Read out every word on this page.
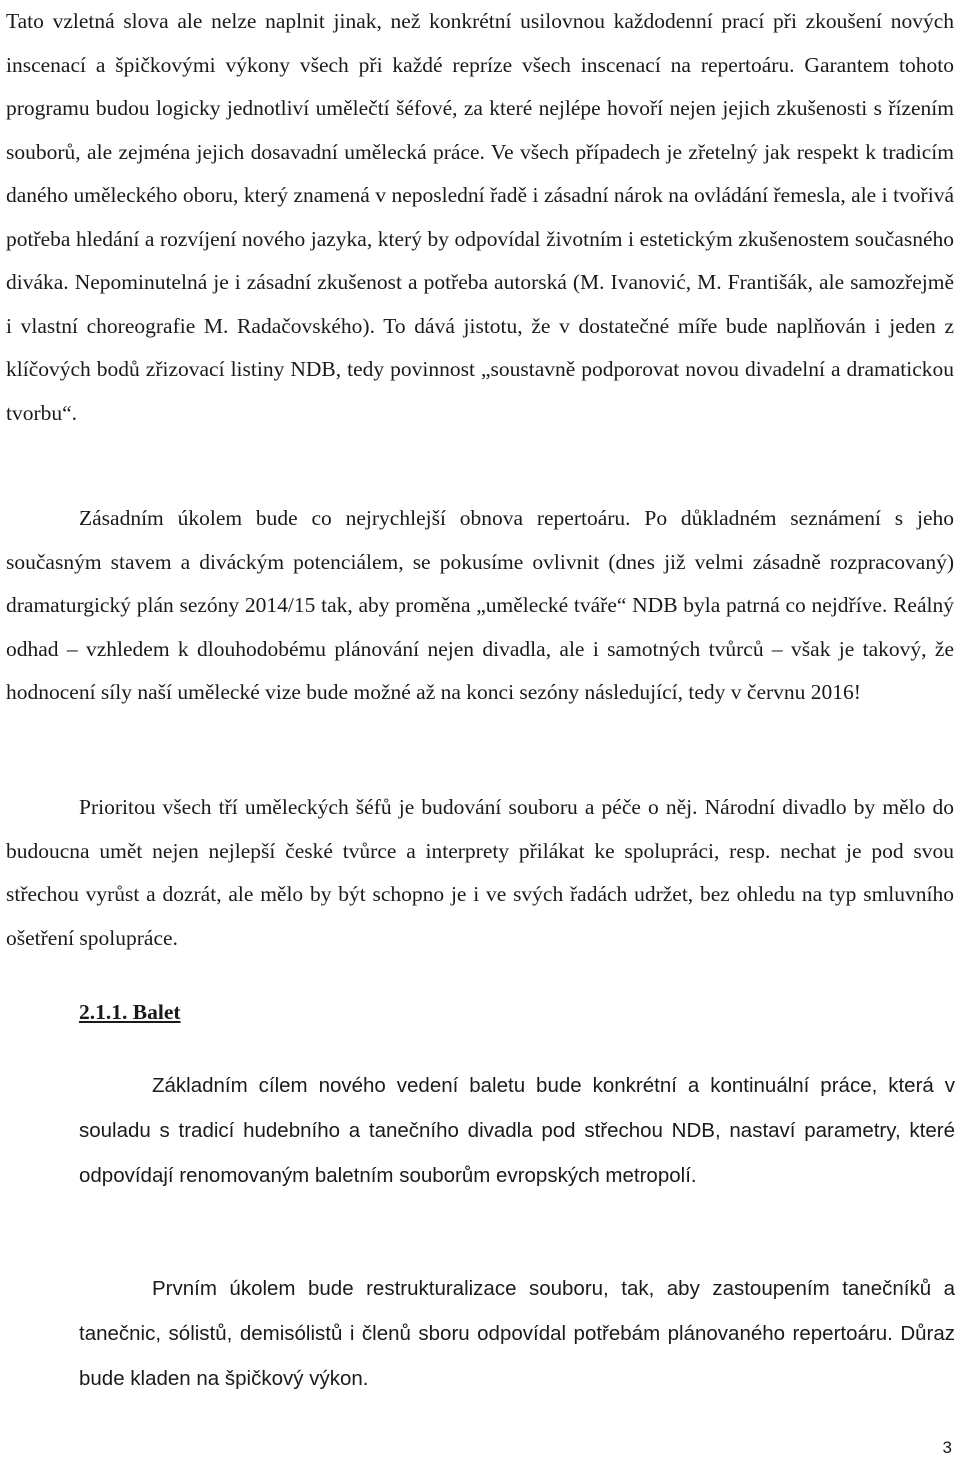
Tato vzletná slova ale nelze naplnit jinak, než konkrétní usilovnou každodenní prací při zkoušení nových inscenací a špičkovými výkony všech při každé repríze všech inscenací na repertoáru. Garantem tohoto programu budou logicky jednotliví umělečtí šéfové, za které nejlépe hovoří nejen jejich zkušenosti s řízením souborů, ale zejména jejich dosavadní umělecká práce. Ve všech případech je zřetelný jak respekt k tradicím daného uměleckého oboru, který znamená v neposlední řadě i zásadní nárok na ovládání řemesla, ale i tvořivá potřeba hledání a rozvíjení nového jazyka, který by odpovídal životním i estetickým zkušenostem současného diváka. Nepominutelná je i zásadní zkušenost a potřeba autorská (M. Ivanović, M. Františák, ale samozřejmě i vlastní choreografie M. Radačovského). To dává jistotu, že v dostatečné míře bude naplňován i jeden z klíčových bodů zřizovací listiny NDB, tedy povinnost „soustavně podporovat novou divadelní a dramatickou tvorbu“.

Zásadním úkolem bude co nejrychlejší obnova repertoáru. Po důkladném seznámení s jeho současným stavem a diváckým potenciálem, se pokusíme ovlivnit (dnes již velmi zásadně rozpracovaný) dramaturgický plán sezóny 2014/15 tak, aby proměna „umělecké tváře“ NDB byla patrná co nejdříve. Reálný odhad – vzhledem k dlouhodobému plánování nejen divadla, ale i samotných tvůrců – však je takový, že hodnocení síly naší umělecké vize bude možné až na konci sezóny následující, tedy v červnu 2016!

Prioritou všech tří uměleckých šéfů je budování souboru a péče o něj. Národní divadlo by mělo do budoucna umět nejen nejlepší české tvůrce a interprety přilákat ke spolupráci, resp. nechat je pod svou střechou vyrůst a dozrát, ale mělo by být schopno je i ve svých řadách udržet, bez ohledu na typ smluvního ošetření spolupráce.

2.1.1. Balet

Základním cílem nového vedení baletu bude konkrétní a kontinuální práce, která v souladu s tradicí hudebního a tanečního divadla pod střechou NDB, nastaví parametry, které odpovídají renomovaným baletním souborům evropských metropolí.

Prvním úkolem bude restrukturalizace souboru, tak, aby zastoupením tanečníků a tanečnic, sólistů, demisólistů i členů sboru odpovídal potřebám plánovaného repertoáru. Důraz bude kladen na špičkový výkon.

3
